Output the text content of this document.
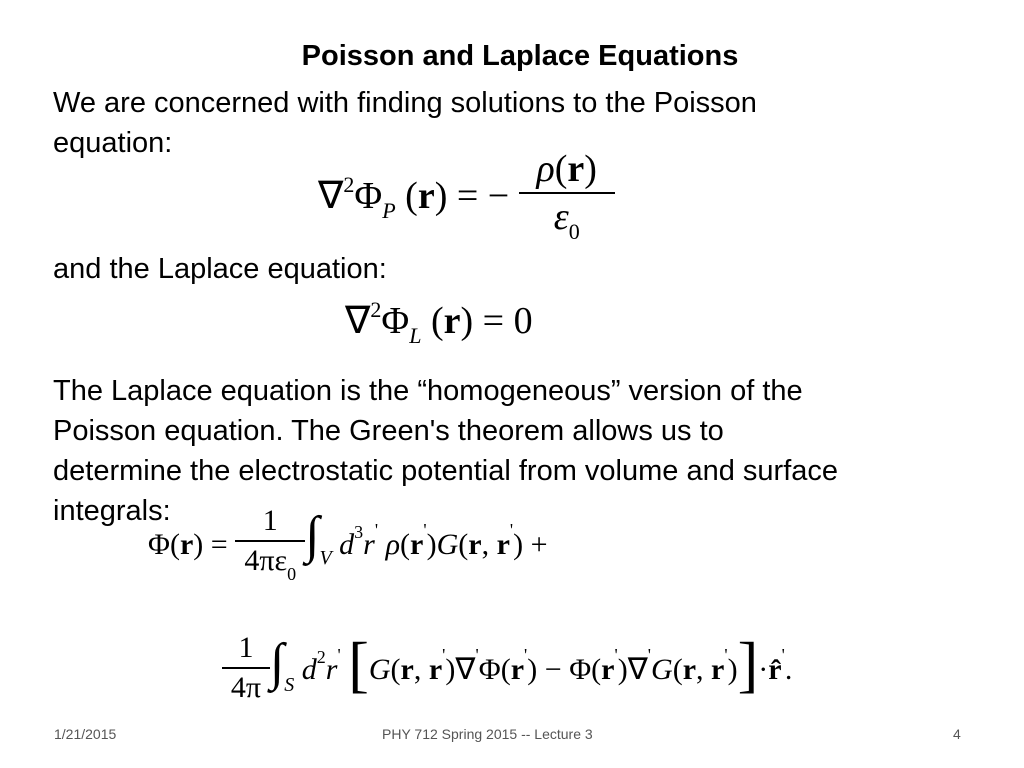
Poisson and Laplace Equations
We are concerned with finding solutions to the Poisson
equation:
$\nabla^2\Phi_P$ (r) = − $\frac{\rho(r)}{\varepsilon_0}$
and the Laplace equation:
$\nabla^2\Phi_L$ (r) = 0
The Laplace equation is the “homogeneous” version of the
Poisson equation. The Green's theorem allows us to
determine the electrostatic potential from volume and surface
integrals:
$\Phi(r) = \frac{1}{4\pi\varepsilon_0} \int_V$ $d^3r'$ ρ(r')G(r, r') +
$\frac{1}{4\pi} \int_S$ $d^2r'$ [G(r, r')∇'Φ(r') − Φ(r')∇'G(r, r')]·r̂'.
1/21/2015	PHY 712 Spring 2015 -- Lecture 3	4
